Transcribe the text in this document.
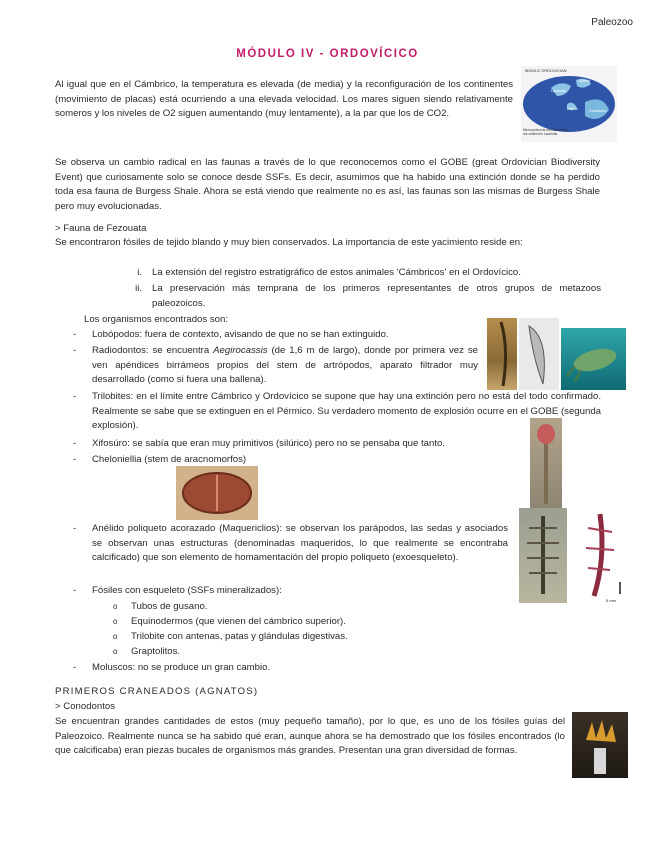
Paleozoo
MÓDULO IV - ORDOVÍCICO
Al igual que en el Cámbrico, la temperatura es elevada (de media) y la reconfiguración de los continentes (movimiento de placas) está ocurriendo a una elevada velocidad. Los mares siguen siendo relativamente someros y los niveles de O2 siguen aumentando (muy lentamente), a la par que los de CO2.
MIDDLE ORDOVICIAN
Siberia
Laurentia
Baltica	Gondwana
Microcontinents and island arcs are outlined in Laurentia
Se observa un cambio radical en las faunas a través de lo que reconocemos como el GOBE (great Ordovician Biodiversity Event) que curiosamente solo se conoce desde SSFs. Es decir, asumimos que ha habido una extinción donde se ha perdido toda esa fauna de Burgess Shale. Ahora se está viendo que realmente no es así, las faunas son las mismas de Burgess Shale pero muy evolucionadas.
> Fauna de Fezouata
Se encontraron fósiles de tejido blando y muy bien conservados. La importancia de este yacimiento reside en:
i. La extensión del registro estratigráfico de estos animales 'Cámbricos' en el Ordovícico.
ii. La preservación más temprana de los primeros representantes de otros grupos de metazoos paleozoicos.
Los organismos encontrados son:
- Lobópodos: fuera de contexto, avisando de que no se han extinguido.
- Radiodontos: se encuentra Aegirocassis (de 1,6 m de largo), donde por primera vez se ven apéndices birrámeos propios del stem de artrópodos, aparato filtrador muy desarrollado (como si fuera una ballena).
- Trilobites: en el límite entre Cámbrico y Ordovícico se supone que hay una extinción pero no está del todo confirmado. Realmente se sabe que se extinguen en el Pérmico. Su verdadero momento de explosión ocurre en el GOBE (segunda explosión).
- Xifosúro: se sabía que eran muy primitivos (silúrico) pero no se pensaba que tanto.
- Cheloniellia (stem de aracnomorfos)
- Anélido poliqueto acorazado (Maquericlios): se observan los parápodos, las sedas y asociados se observan unas estructuras (denominadas maqueridos, lo que realmente se encontraba calcificado) que son elemento de homamentación del propio poliqueto (exoesqueleto).
- Fósiles con esqueleto (SSFs mineralizados):
o Tubos de gusano.
o Equinodermos (que vienen del cámbrico superior).
o Trilobite con antenas, patas y glándulas digestivas.
o Graptolitos.
- Moluscos: no se produce un gran cambio.
5 mm
PRIMEROS CRANEADOS (AGNATOS)
> Conodontos
Se encuentran grandes cantidades de estos (muy pequeño tamaño), por lo que, es uno de los fósiles guías del Paleozoico. Realmente nunca se ha sabido qué eran, aunque ahora se ha demostrado que los fósiles encontrados (lo que calcificaba) eran piezas bucales de organismos más grandes. Presentan una gran diversidad de formas.
